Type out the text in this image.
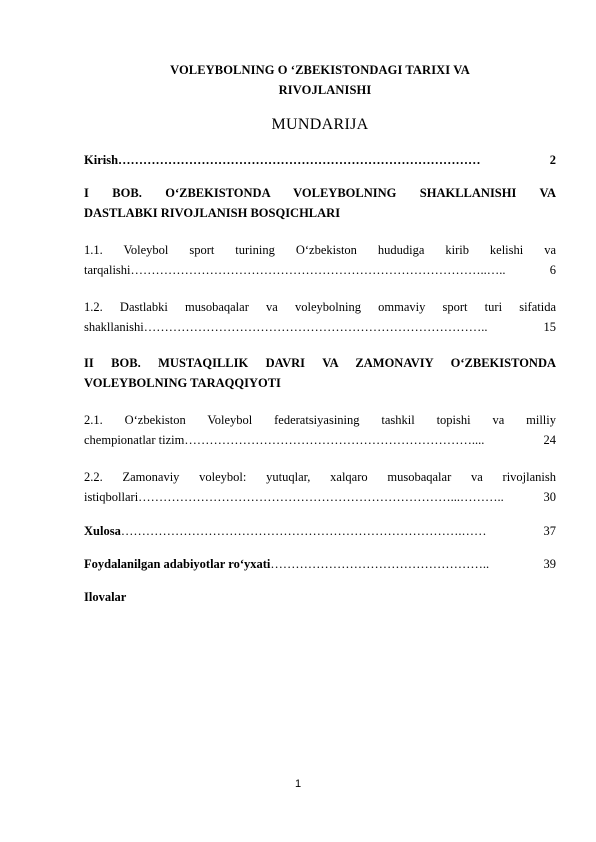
VOLEYBOLNING O ‘ZBEKISTONDAGI TARIXI VA
RIVOJLANISHI
MUNDARIJA
Kirish ……………………………………………………………………………	2
I BOB. O‘ZBEKISTONDA VOLEYBOLNING SHAKLLANISHI VA
DASTLABKI RIVOJLANISH BOSQICHLARI
1.1. Voleybol sport turining O‘zbekiston hududiga kirib kelishi va
tarqalishi …………………………………………………………………………..…..	6
1.2. Dastlabki musobaqalar va voleybolning ommaviy sport turi sifatida
shakllanishi ………………………………………………………………………..	15
II BOB. MUSTAQILLIK DAVRI VA ZAMONAVIY O‘ZBEKISTONDA
VOLEYBOLNING TARAQQIYOTI
2.1. O‘zbekiston Voleybol federatsiyasining tashkil topishi va milliy
chempionatlar tizim ……………………………………………………………....	24
2.2. Zamonaviy voleybol: yutuqlar, xalqaro musobaqalar va rivojlanish
istiqbollari …………………………………………………………………...………..	30
Xulosa ……………………………………………………………………….……	37
Foydalanilgan adabiyotlar ro‘yxati ……………………………………………..	39
Ilovalar
1
